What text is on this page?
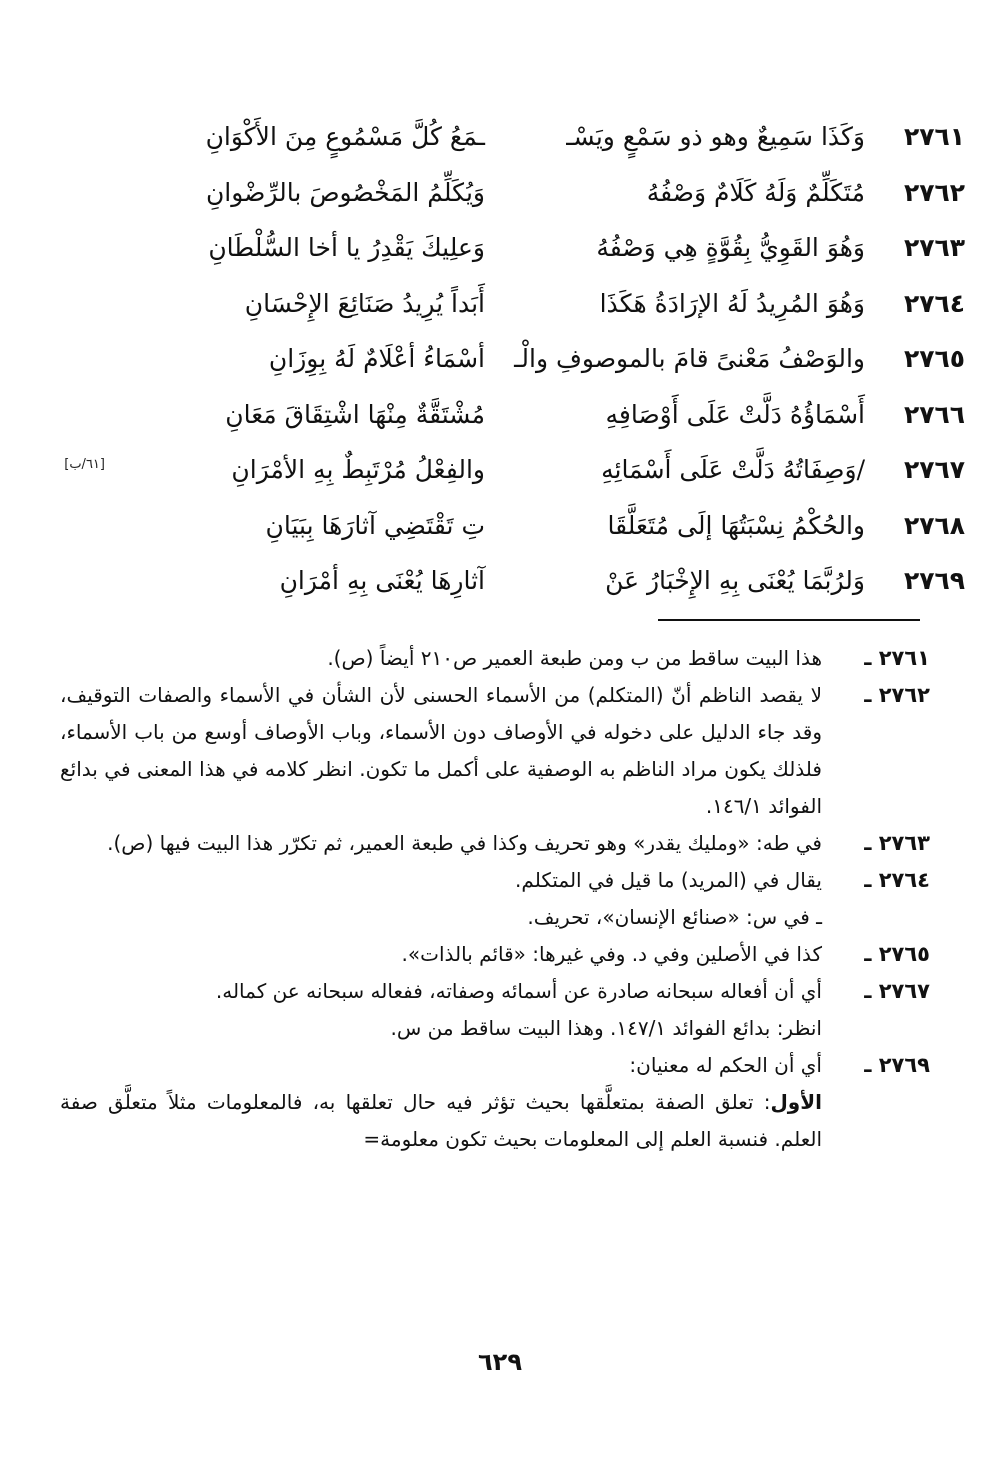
٢٧٦١
وَكَذَا سَمِيعٌ وهو ذو سَمْعٍ ويَسْـ
ـمَعُ كُلَّ مَسْمُوعٍ مِنَ الأَكْوَانِ
٢٧٦٢
مُتَكَلِّمٌ وَلَهُ كَلَامٌ وَصْفُهُ
وَيُكَلِّمُ المَخْصُوصَ بالرِّضْوانِ
٢٧٦٣
وَهُوَ القَوِيُّ بِقُوَّةٍ هِي وَصْفُهُ
وَعلِيكَ يَقْدِرُ يا أخا السُّلْطَانِ
٢٧٦٤
وَهُوَ المُرِيدُ لَهُ الإرَادَةُ هَكَذَا
أَبَداً يُرِيدُ صَنَائِعَ الإِحْسَانِ
٢٧٦٥
والوَصْفُ مَعْنىً قامَ بالموصوفِ والْـ
أسْمَاءُ أعْلَامٌ لَهُ بِوِزَانِ
٢٧٦٦
أَسْمَاؤُهُ دَلَّتْ عَلَى أَوْصَافِهِ
مُشْتَقَّةٌ مِنْهَا اشْتِقَاقَ مَعَانِ
٢٧٦٧
/وَصِفَاتُهُ دَلَّتْ عَلَى أَسْمَائِهِ
والفِعْلُ مُرْتَبِطٌ بِهِ الأمْرَانِ
[٦١/ب]
٢٧٦٨
والحُكْمُ نِسْبَتُهَا إلَى مُتَعَلَّقَا
تِ تَقْتَضِي آثارَهَا بِبَيَانِ
٢٧٦٩
وَلرُبَّمَا يُعْنَى بِهِ الإِخْبَارُ عَنْ
آثارِهَا يُعْنَى بِهِ أمْرَانِ
٢٧٦١ ـ

هذا البيت ساقط من ب ومن طبعة العمير ص٢١٠ أيضاً (ص).

٢٧٦٢ ـ

لا يقصد الناظم أنّ (المتكلم) من الأسماء الحسنى لأن الشأن في الأسماء والصفات التوقيف، وقد جاء الدليل على دخوله في الأوصاف دون الأسماء، وباب الأوصاف أوسع من باب الأسماء، فلذلك يكون مراد الناظم به الوصفية على أكمل ما تكون. انظر كلامه في هذا المعنى في بدائع الفوائد ١٤٦/١.

٢٧٦٣ ـ

في طه: «ومليك يقدر» وهو تحريف وكذا في طبعة العمير، ثم تكرّر هذا البيت فيها (ص).

٢٧٦٤ ـ

يقال في (المريد) ما قيل في المتكلم.

ـ في س: «صنائع الإنسان»، تحريف.

٢٧٦٥ ـ

كذا في الأصلين وفي د. وفي غيرها: «قائم بالذات».

٢٧٦٧ ـ

أي أن أفعاله سبحانه صادرة عن أسمائه وصفاته، ففعاله سبحانه عن كماله.

انظر: بدائع الفوائد ١٤٧/١. وهذا البيت ساقط من س.

٢٧٦٩ ـ

أي أن الحكم له معنيان:

الأول: تعلق الصفة بمتعلَّقها بحيث تؤثر فيه حال تعلقها به، فالمعلومات مثلاً متعلَّق صفة العلم. فنسبة العلم إلى المعلومات بحيث تكون معلومة=

٦٢٩
